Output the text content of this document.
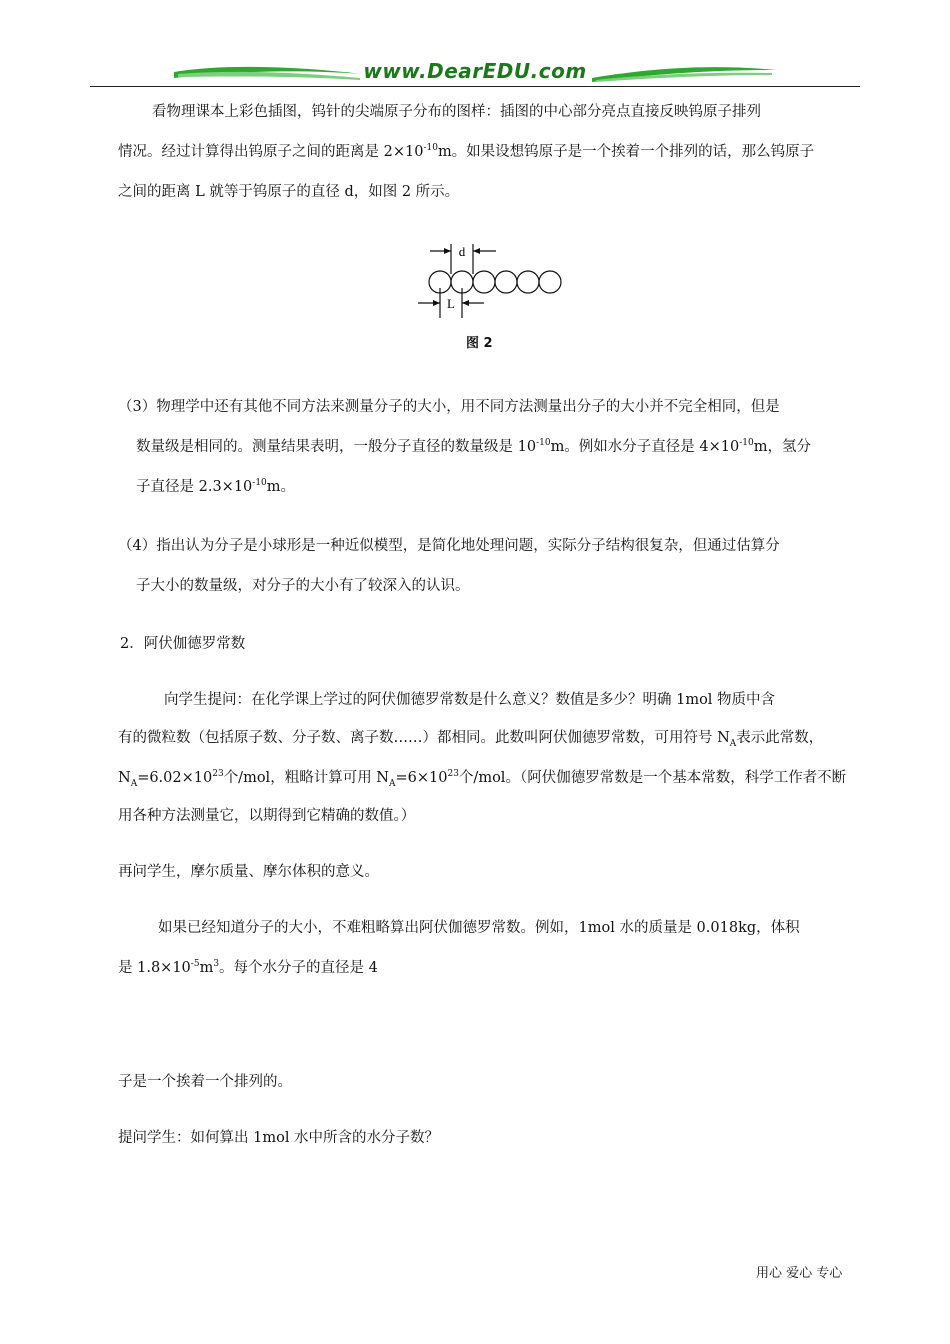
www.DearEDU.com
看物理课本上彩色插图，钨针的尖端原子分布的图样：插图的中心部分亮点直接反映钨原子排列
情况。经过计算得出钨原子之间的距离是 $2\times 10^{-10}m$。如果设想钨原子是一个挨着一个排列的话，那么钨原子
之间的距离 L 就等于钨原子的直径 d，如图 2 所示。
d
L
图 2
（3）物理学中还有其他不同方法来测量分子的大小，用不同方法测量出分子的大小并不完全相同，但是
数量级是相同的。测量结果表明，一般分子直径的数量级是 $10^{-10}m$。例如水分子直径是 $4\times 10^{-10}m$，氢分
子直径是 $2.3\times 10^{-10}m$。
（4）指出认为分子是小球形是一种近似模型，是简化地处理问题，实际分子结构很复杂，但通过估算分
子大小的数量级，对分子的大小有了较深入的认识。
2．阿伏伽德罗常数
向学生提问：在化学课上学过的阿伏伽德罗常数是什么意义？数值是多少？明确 1mol 物质中含
有的微粒数（包括原子数、分子数、离子数……）都相同。此数叫阿伏伽德罗常数，可用符号 $N_A$表示此常数，
$N_A=6.02\times 10^{23}$个/mol，粗略计算可用 $N_A=6\times 10^{23}$个/mol。（阿伏伽德罗常数是一个基本常数，科学工作者不断
用各种方法测量它，以期得到它精确的数值。）
再问学生，摩尔质量、摩尔体积的意义。
如果已经知道分子的大小，不难粗略算出阿伏伽德罗常数。例如，1mol 水的质量是 0.018kg，体积
是 $1.8\times 10^{-5}m^3$。每个水分子的直径是 4
子是一个挨着一个排列的。
提问学生：如何算出 1mol 水中所含的水分子数？
用心 爱心 专心
